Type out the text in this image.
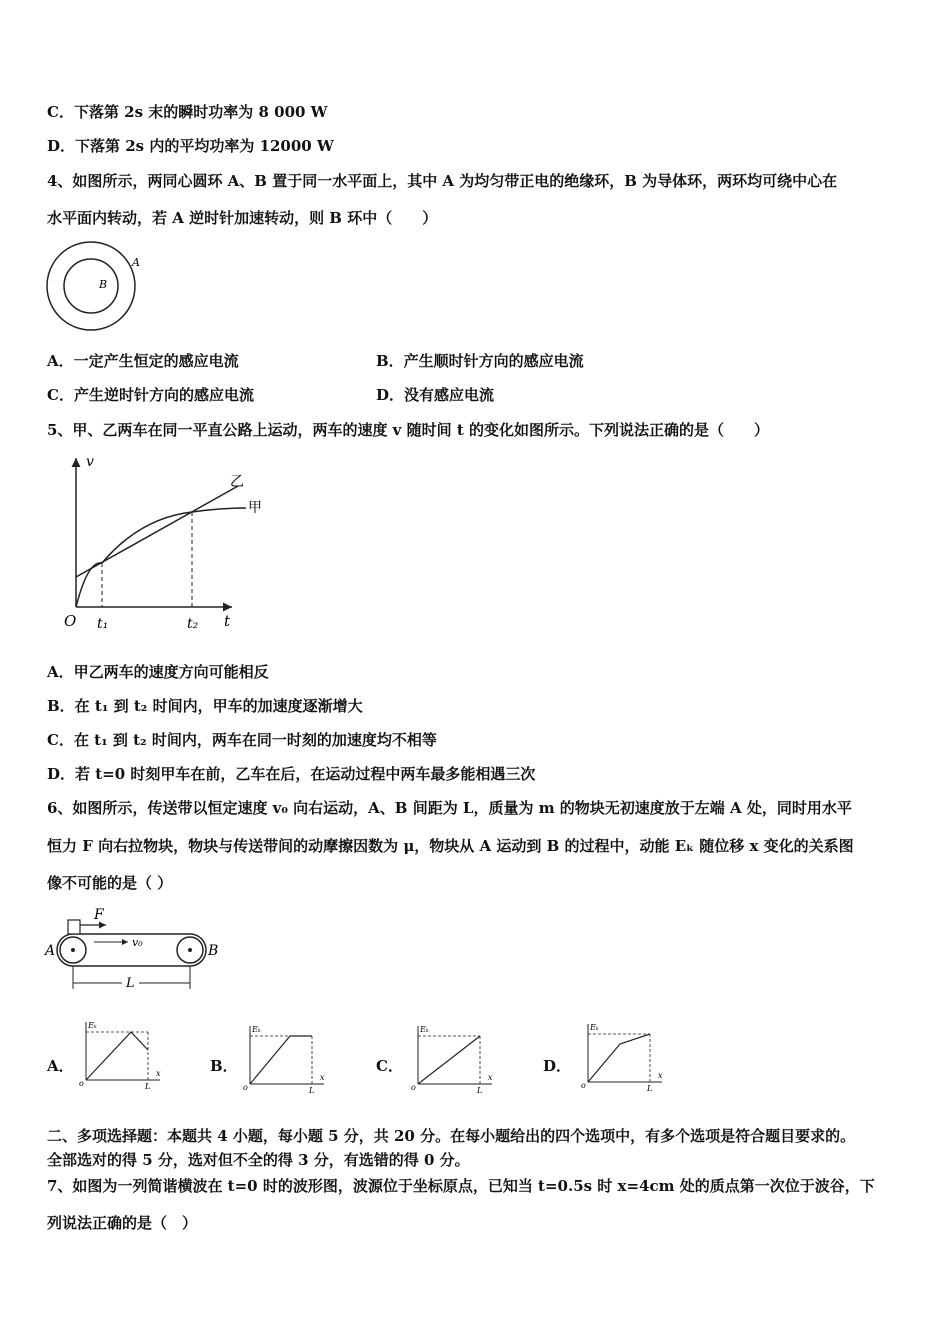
C．下落第 2s 末的瞬时功率为 8 000 W
D．下落第 2s 内的平均功率为 12000 W
4、如图所示，两同心圆环 A、B 置于同一水平面上，其中 A 为均匀带正电的绝缘环，B 为导体环，两环均可绕中心在
水平面内转动，若 A 逆时针加速转动，则 B 环中（　　）
A
B
A．一定产生恒定的感应电流	B．产生顺时针方向的感应电流
C．产生逆时针方向的感应电流	D．没有感应电流
5、甲、乙两车在同一平直公路上运动，两车的速度 v 随时间 t 的变化如图所示。下列说法正确的是（　　）
v
t
O t₁	t₂
乙
甲
A．甲乙两车的速度方向可能相反
B．在 t₁ 到 t₂ 时间内，甲车的加速度逐渐增大
C．在 t₁ 到 t₂ 时间内，两车在同一时刻的加速度均不相等
D．若 t=0 时刻甲车在前，乙车在后，在运动过程中两车最多能相遇三次
6、如图所示，传送带以恒定速度 v₀ 向右运动，A、B 间距为 L，质量为 m 的物块无初速度放于左端 A 处，同时用水平
恒力 F 向右拉物块，物块与传送带间的动摩擦因数为 μ，物块从 A 运动到 B 的过程中，动能 Eₖ 随位移 x 变化的关系图
像不可能的是（ ）
F
v₀
A	B
L
A．
Eₖ
x
o	L
B．
Eₖ
x
o	L
C．
Eₖ
x
o	L
D．
Eₖ
x
o	L
二、多项选择题：本题共 4 小题，每小题 5 分，共 20 分。在每小题给出的四个选项中，有多个选项是符合题目要求的。
全部选对的得 5 分，选对但不全的得 3 分，有选错的得 0 分。
7、如图为一列简谐横波在 t=0 时的波形图，波源位于坐标原点，已知当 t=0.5s 时 x=4cm 处的质点第一次位于波谷，下
列说法正确的是（　）
